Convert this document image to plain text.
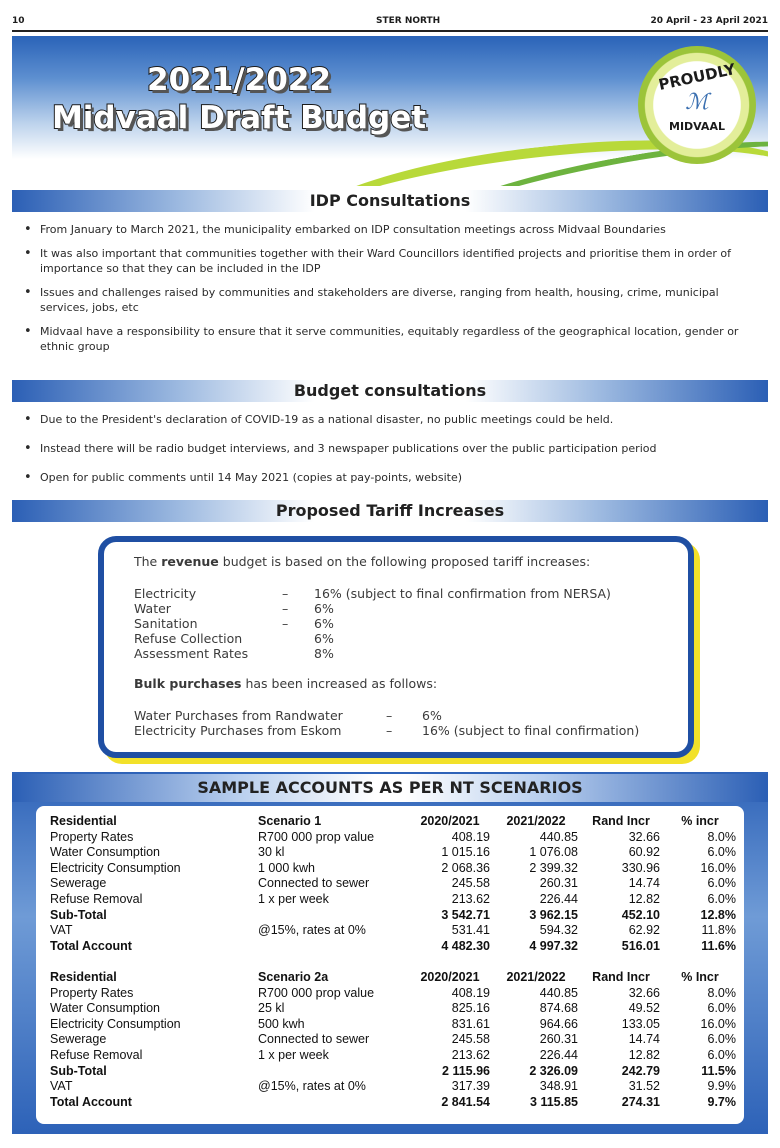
10	STER NORTH	20 April - 23 April 2021
2021/2022
Midvaal Draft Budget
PROUDLY
ℳ
MIDVAAL
IDP Consultations
• From January to March 2021, the municipality embarked on IDP consultation meetings across Midvaal Boundaries
• It was also important that communities together with their Ward Councillors identified projects and prioritise them in order of importance so that they can be included in the IDP
• Issues and challenges raised by communities and stakeholders are diverse, ranging from health, housing, crime, municipal services, jobs, etc
• Midvaal have a responsibility to ensure that it serve communities, equitably regardless of the geographical location, gender or ethnic group
Budget consultations
• Due to the President's declaration of COVID-19 as a national disaster, no public meetings could be held.
• Instead there will be radio budget interviews, and 3 newspaper publications over the public participation period
• Open for public comments until 14 May 2021 (copies at pay-points, website)
Proposed Tariff Increases
The revenue budget is based on the following proposed tariff increases:
Electricity	– 16% (subject to final confirmation from NERSA)
Water	– 6%
Sanitation	– 6%
Refuse Collection	6%
Assessment Rates	8%
Bulk purchases has been increased as follows:
Water Purchases from Randwater	– 6%
Electricity Purchases from Eskom	– 16% (subject to final confirmation)
SAMPLE ACCOUNTS AS PER NT SCENARIOS
Residential	Scenario 1	2020/2021	2021/2022	Rand Incr	% incr
Property Rates	R700 000 prop value	408.19	440.85	32.66	8.0%
Water Consumption	30 kl	1 015.16	1 076.08	60.92	6.0%
Electricity Consumption	1 000 kwh	2 068.36	2 399.32	330.96	16.0%
Sewerage	Connected to sewer	245.58	260.31	14.74	6.0%
Refuse Removal	1 x per week	213.62	226.44	12.82	6.0%
Sub-Total		3 542.71	3 962.15	452.10	12.8%
VAT	@15%, rates at 0%	531.41	594.32	62.92	11.8%
Total Account		4 482.30	4 997.32	516.01	11.6%

Residential	Scenario 2a	2020/2021	2021/2022	Rand Incr	% Incr
Property Rates	R700 000 prop value	408.19	440.85	32.66	8.0%
Water Consumption	25 kl	825.16	874.68	49.52	6.0%
Electricity Consumption	500 kwh	831.61	964.66	133.05	16.0%
Sewerage	Connected to sewer	245.58	260.31	14.74	6.0%
Refuse Removal	1 x per week	213.62	226.44	12.82	6.0%
Sub-Total		2 115.96	2 326.09	242.79	11.5%
VAT	@15%, rates at 0%	317.39	348.91	31.52	9.9%
Total Account		2 841.54	3 115.85	274.31	9.7%
